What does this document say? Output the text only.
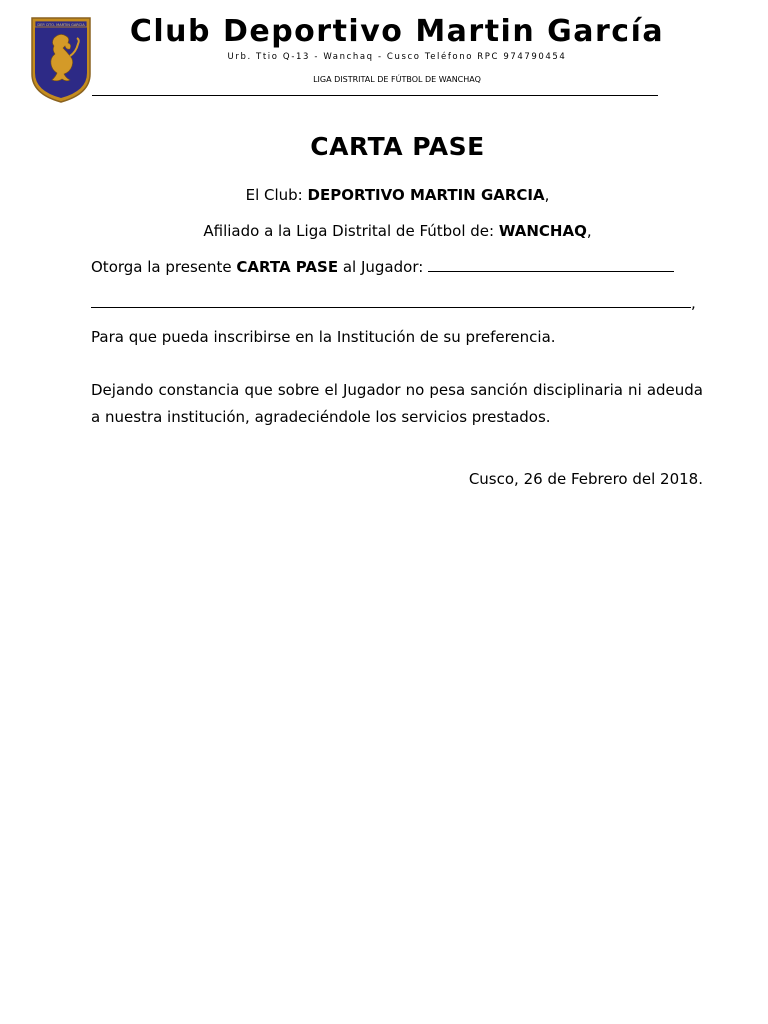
DEP. DTO. MARTIN GARCIA	Club Deportivo Martin García
Urb. Ttio Q-13 - Wanchaq - Cusco Teléfono RPC 974790454
LIGA DISTRITAL DE FÚTBOL DE WANCHAQ
CARTA PASE
El Club: DEPORTIVO MARTIN GARCIA,
Afiliado a la Liga Distrital de Fútbol de: WANCHAQ,
Otorga la presente CARTA PASE al Jugador:
,
Para que pueda inscribirse en la Institución de su preferencia.
Dejando constancia que sobre el Jugador no pesa sanción disciplinaria ni adeuda a nuestra institución, agradeciéndole los servicios prestados.
Cusco, 26 de Febrero del 2018.
